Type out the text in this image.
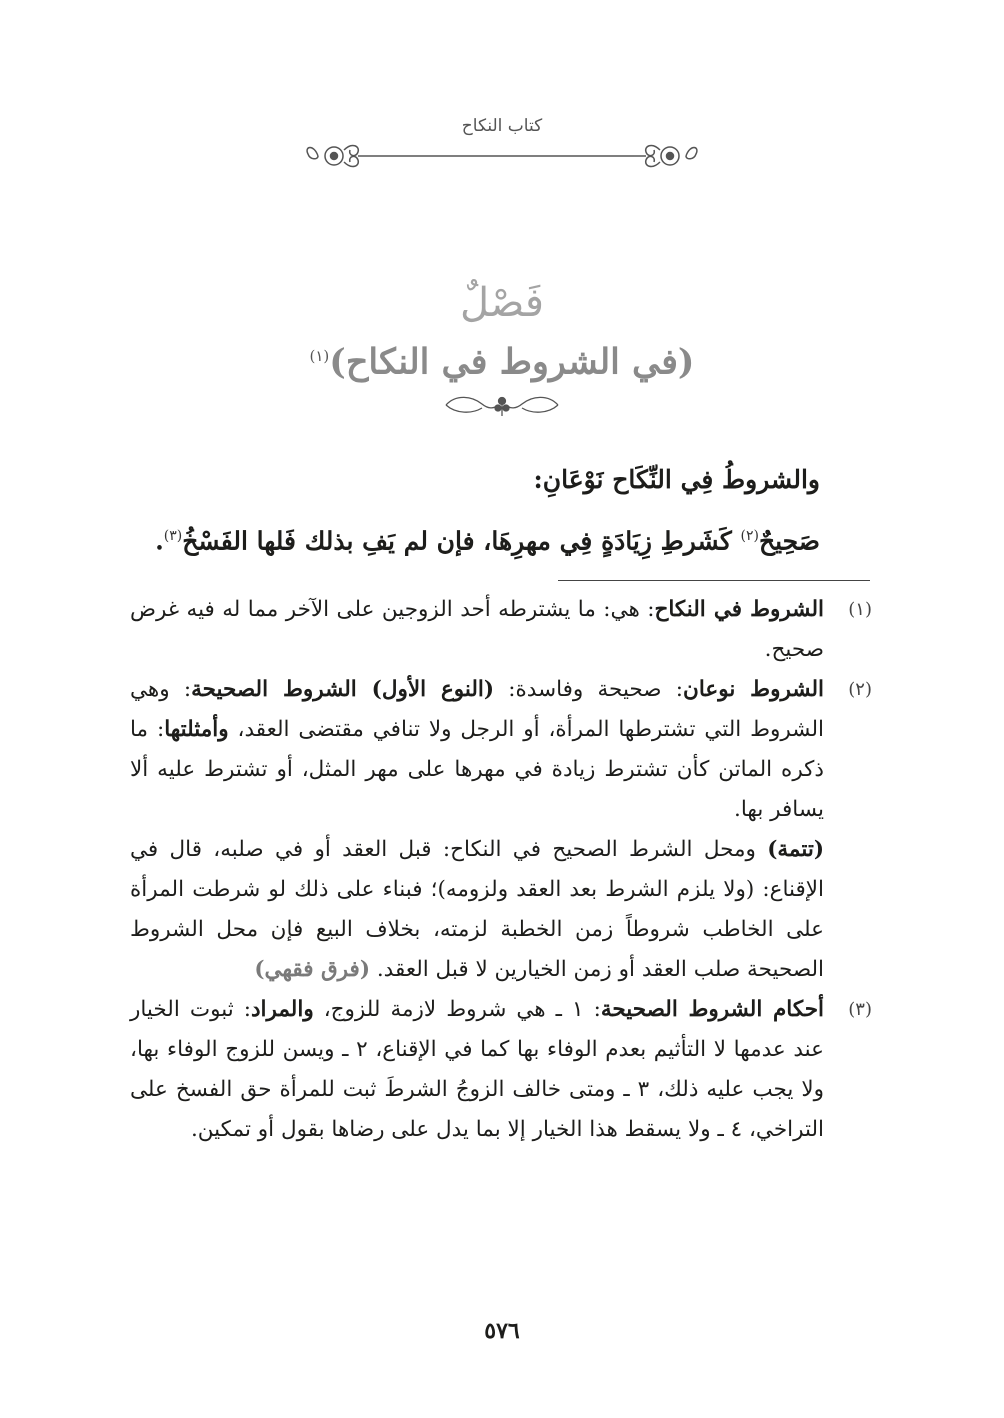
كتاب النكاح
فَصْلٌ
(في الشروط في النكاح)$^{(١)}$

والشروطُ فِي النِّكَاح نَوْعَانِ:

صَحِيحٌ$^{(٢)}$ كَشَرطِ زِيَادَةٍ فِي مهرِهَا، فإن لم يَفِ بذلك فَلها الفَسْخُ$^{(٣)}$.

(١)

الشروط في النكاح: هي: ما يشترطه أحد الزوجين على الآخر مما له فيه غرض صحيح.

(٢)

الشروط نوعان: صحيحة وفاسدة: (النوع الأول) الشروط الصحيحة: وهي الشروط التي تشترطها المرأة، أو الرجل ولا تنافي مقتضى العقد، وأمثلتها: ما ذكره الماتن كأن تشترط زيادة في مهرها على مهر المثل، أو تشترط عليه ألا يسافر بها.

(تتمة) ومحل الشرط الصحيح في النكاح: قبل العقد أو في صلبه، قال في الإقناع: (ولا يلزم الشرط بعد العقد ولزومه)؛ فبناء على ذلك لو شرطت المرأة على الخاطب شروطاً زمن الخطبة لزمته، بخلاف البيع فإن محل الشروط الصحيحة صلب العقد أو زمن الخيارين لا قبل العقد. (فرق فقهي)

(٣)

أحكام الشروط الصحيحة: ١ ـ هي شروط لازمة للزوج، والمراد: ثبوت الخيار عند عدمها لا التأثيم بعدم الوفاء بها كما في الإقناع، ٢ ـ ويسن للزوج الوفاء بها، ولا يجب عليه ذلك، ٣ ـ ومتى خالف الزوجُ الشرطَ ثبت للمرأة حق الفسخ على التراخي، ٤ ـ ولا يسقط هذا الخيار إلا بما يدل على رضاها بقول أو تمكين.

٥٧٦
